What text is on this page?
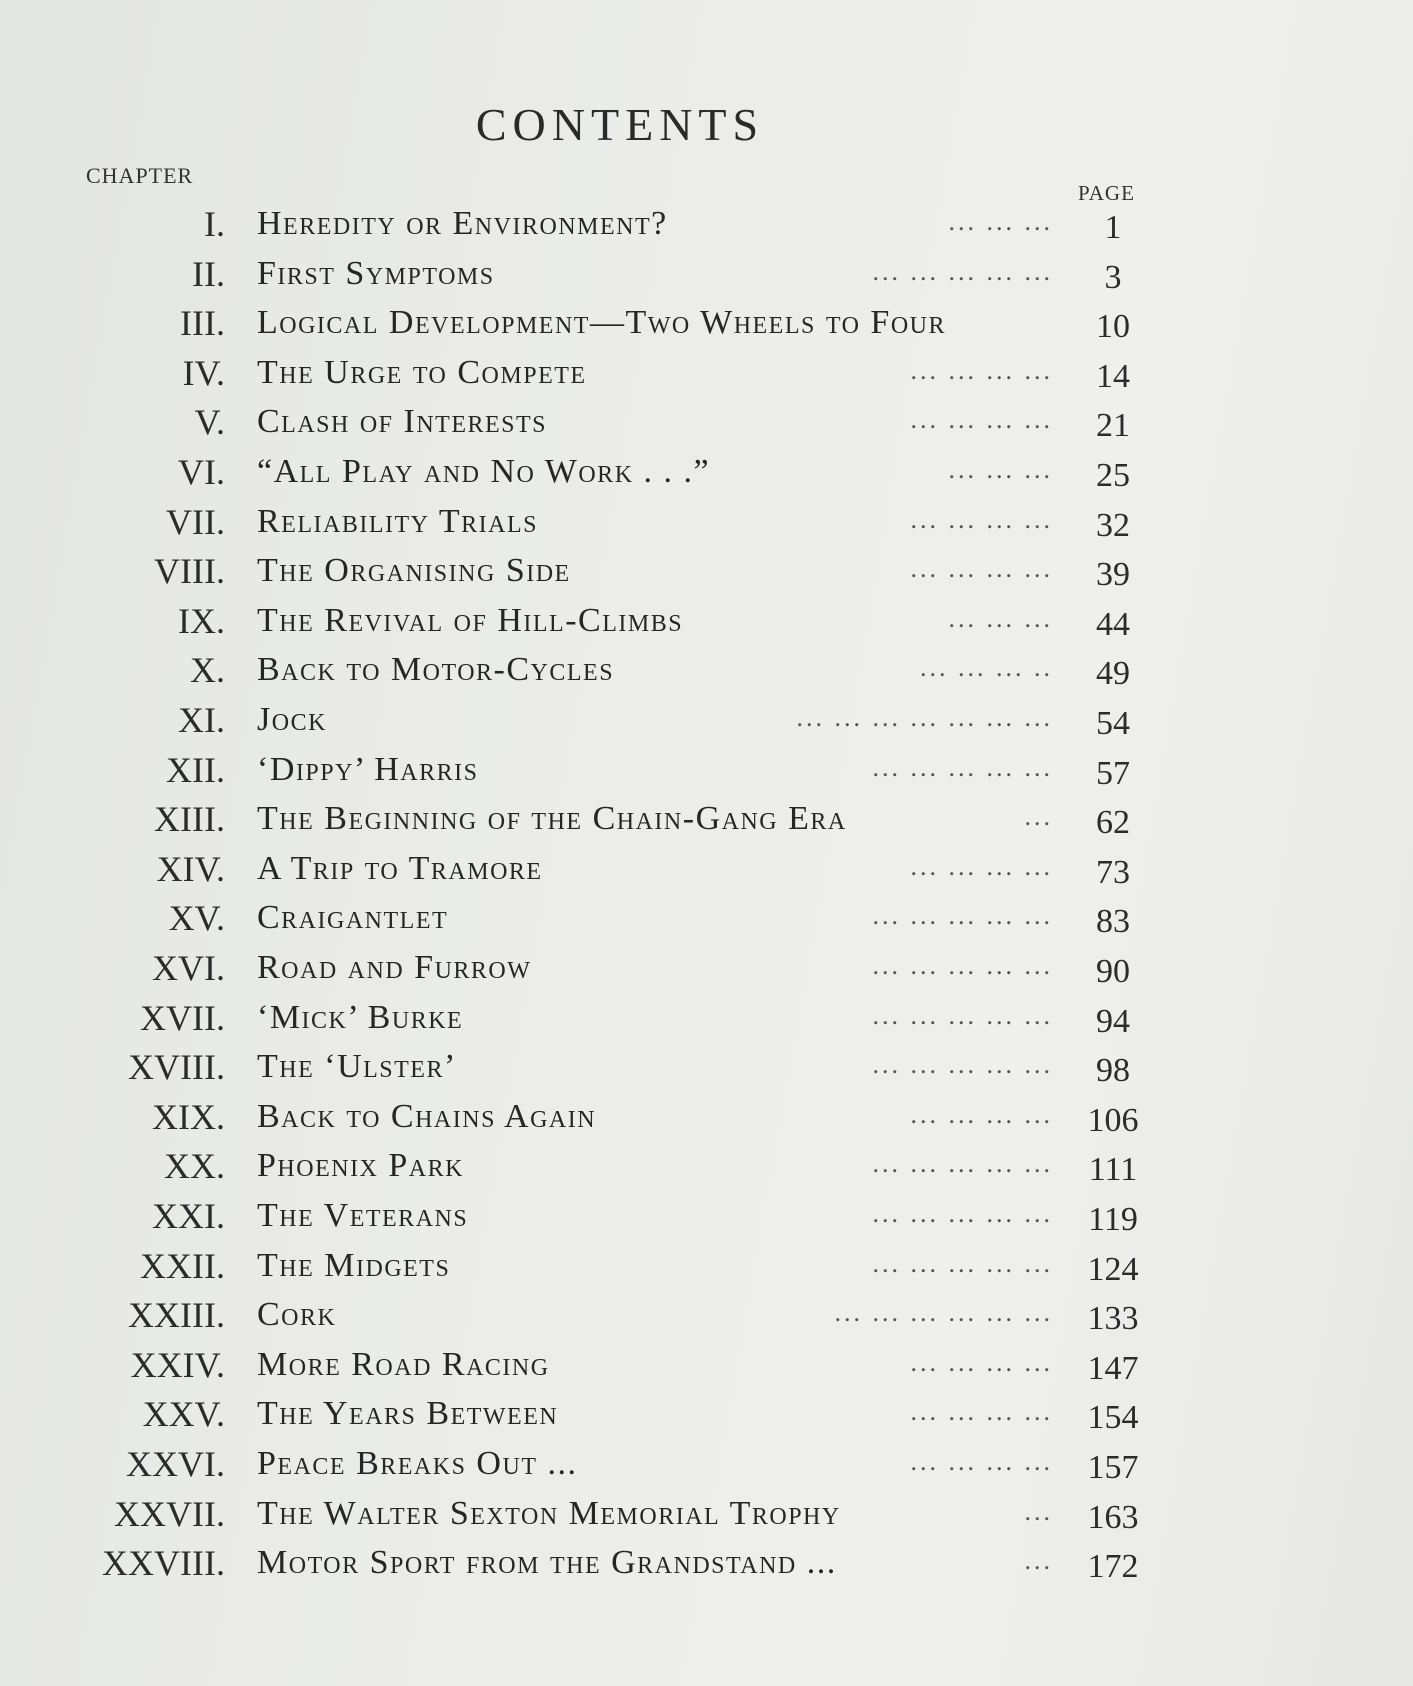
CONTENTS
CHAPTER
PAGE
I. Heredity or Environment?	... ... ...	1
II. First Symptoms	... ... ... ... ...	3
III. Logical Development—Two Wheels to Four	10
IV. The Urge to Compete	... ... ... ...	14
V. Clash of Interests	... ... ... ...	21
VI. “All Play and No Work . . .”	... ... ...	25
VII. Reliability Trials	... ... ... ...	32
VIII. The Organising Side	... ... ... ...	39
IX. The Revival of Hill-Climbs	... ... ...	44
X. Back to Motor-Cycles	... ... ... ..	49
XI. Jock	... ... ... ... ... ... ...	54
XII. ‘Dippy’ Harris	... ... ... ... ...	57
XIII. The Beginning of the Chain-Gang Era	...	62
XIV. A Trip to Tramore	... ... ... ...	73
XV. Craigantlet	... ... ... ... ...	83
XVI. Road and Furrow	... ... ... ... ...	90
XVII. ‘Mick’ Burke	... ... ... ... ...	94
XVIII. The ‘Ulster’	... ... ... ... ...	98
XIX. Back to Chains Again	... ... ... ... 106
XX. Phoenix Park	... ... ... ... ... 111
XXI. The Veterans	... ... ... ... ... 119
XXII. The Midgets	... ... ... ... ... 124
XXIII. Cork	... ... ... ... ... ... 133
XXIV. More Road Racing	... ... ... ... 147
XXV. The Years Between	... ... ... ... 154
XXVI. Peace Breaks Out ...	... ... ... ... 157
XXVII. The Walter Sexton Memorial Trophy	... 163
XXVIII. Motor Sport from the Grandstand ...	... 172
